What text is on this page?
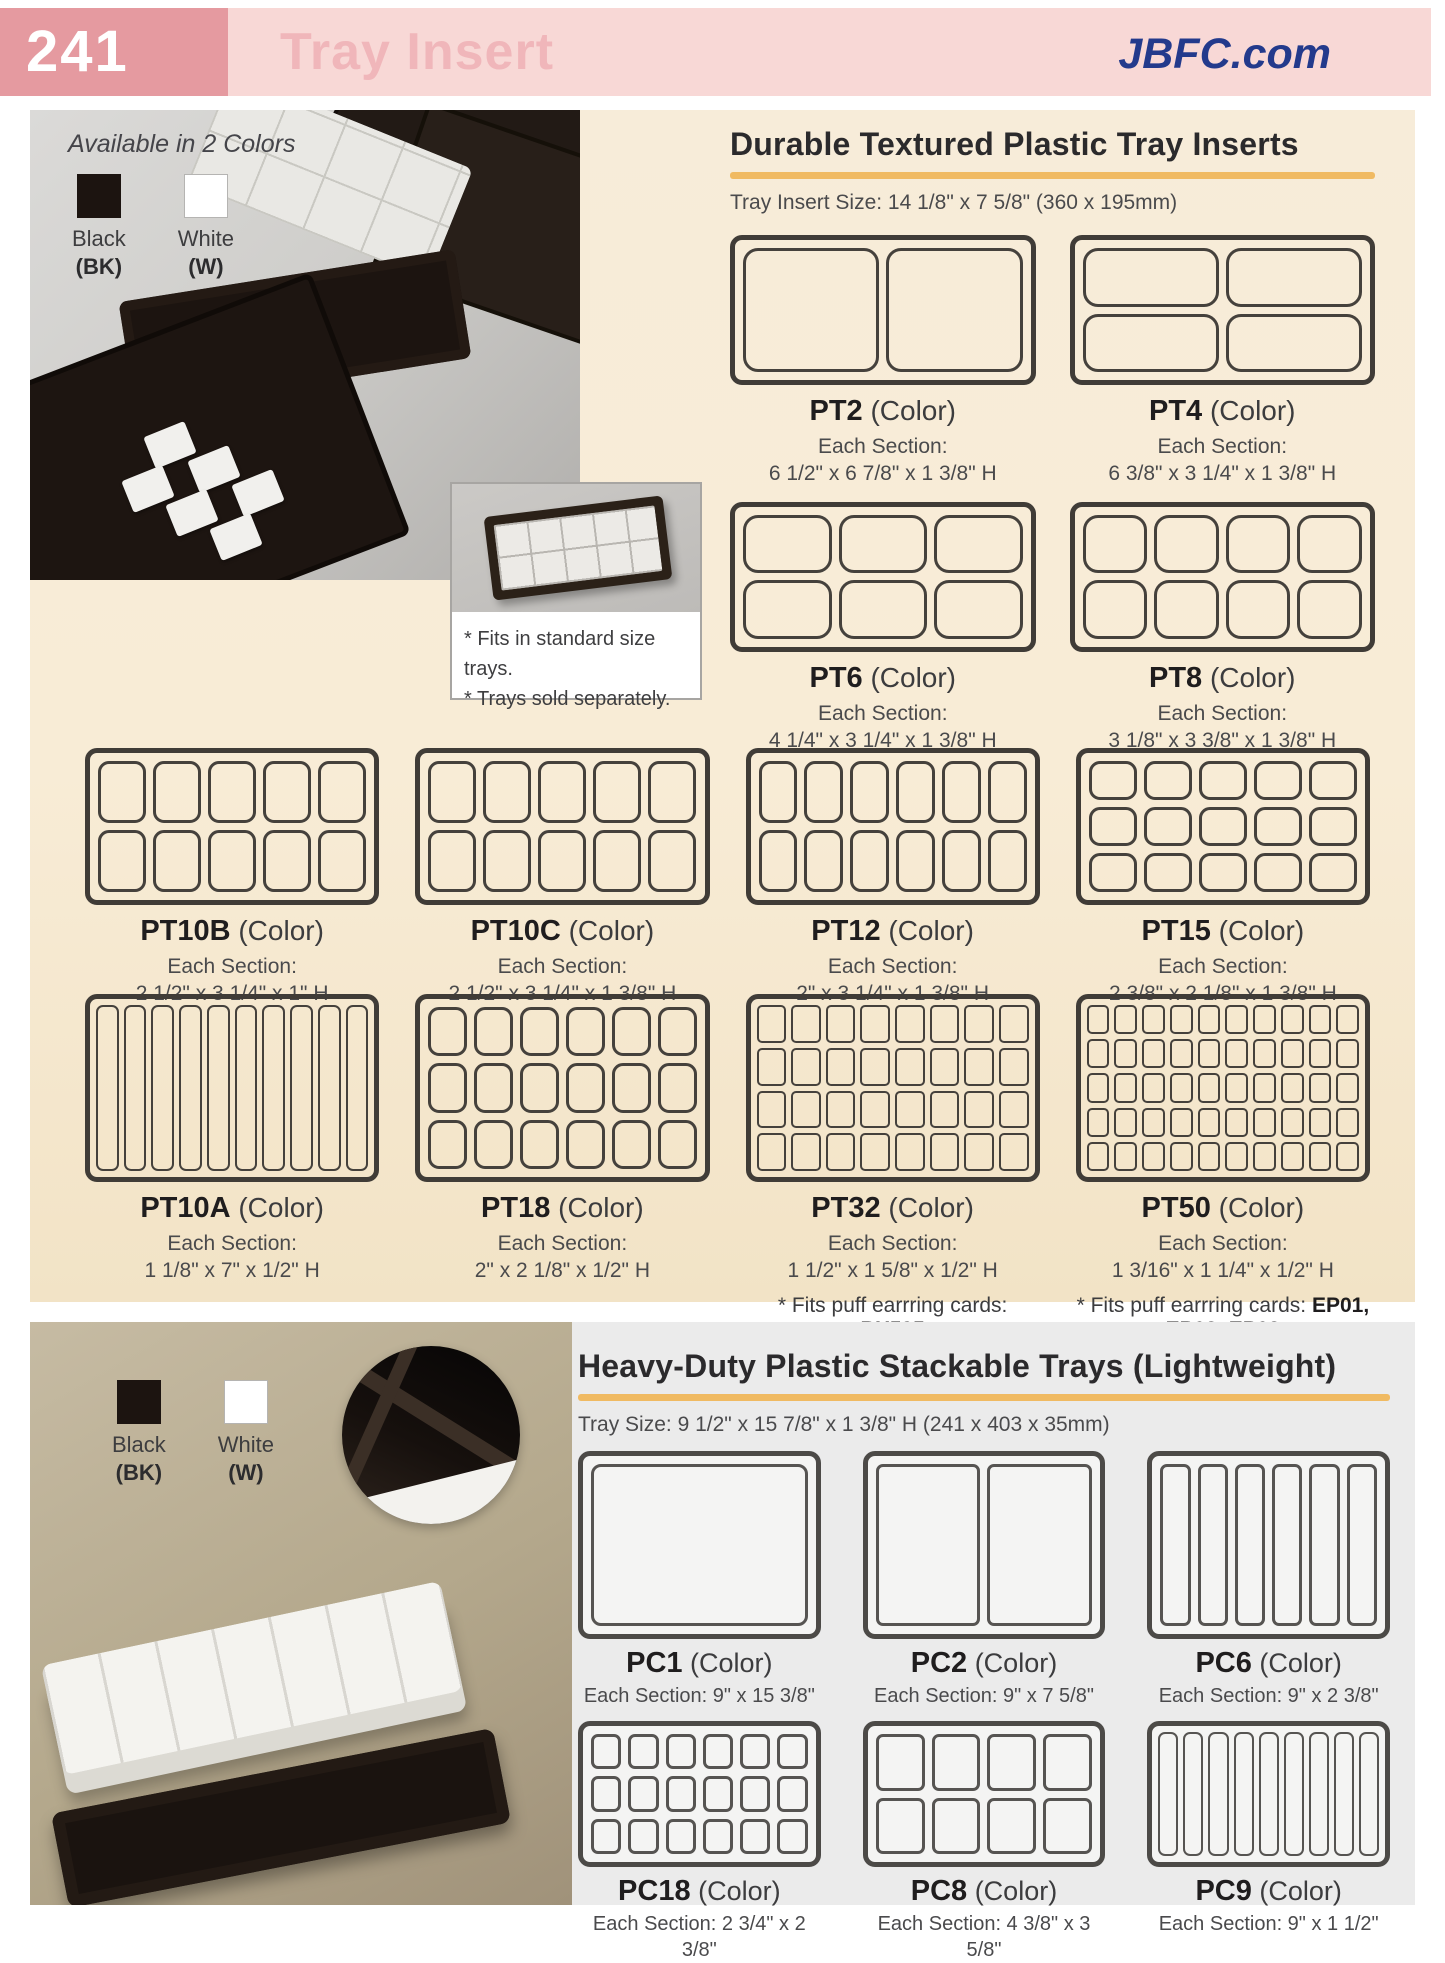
241	Tray Insert	JBFC.com
Available in 2 Colors
Black
(BK)
White
(W)
* Fits in standard size trays.
* Trays sold separately.
Durable Textured Plastic Tray Inserts
Tray Insert Size: 14 1/8" x 7 5/8" (360 x 195mm)
PT2 (Color)
Each Section:
6 1/2" x 6 7/8" x 1 3/8" H
PT4 (Color)
Each Section:
6 3/8" x 3 1/4" x 1 3/8" H
PT6 (Color)
Each Section:
4 1/4" x 3 1/4" x 1 3/8" H
PT8 (Color)
Each Section:
3 1/8" x 3 3/8" x 1 3/8" H
PT10B (Color)
Each Section:
2 1/2" x 3 1/4" x 1" H
PT10C (Color)
Each Section:
2 1/2" x 3 1/4" x 1 3/8" H
PT12 (Color)
Each Section:
2" x 3 1/4" x 1 3/8" H
PT15 (Color)
Each Section:
2 3/8" x 2 1/8" x 1 3/8" H
PT10A (Color)
Each Section:
1 1/8" x 7" x 1/2" H
PT18 (Color)
Each Section:
2" x 2 1/8" x 1/2" H
PT32 (Color)
Each Section:
1 1/2" x 1 5/8" x 1/2" H
* Fits puff earrring cards:
PT50 (Color)
Each Section:
1 3/16" x 1 1/4" x 1/2" H
* Fits puff earrring cards: EP01,
Black
(BK)
White
(W)
Heavy-Duty Plastic Stackable Trays (Lightweight)
Tray Size: 9 1/2" x 15 7/8" x 1 3/8" H (241 x 403 x 35mm)
PC1 (Color)
Each Section: 9" x 15 3/8"
PC2 (Color)
Each Section: 9" x 7 5/8"
PC6 (Color)
Each Section: 9" x 2 3/8"
PC18 (Color)
Each Section: 2 3/4" x 2 3/8"
PC8 (Color)
Each Section: 4 3/8" x 3 5/8"
PC9 (Color)
Each Section: 9" x 1 1/2"
